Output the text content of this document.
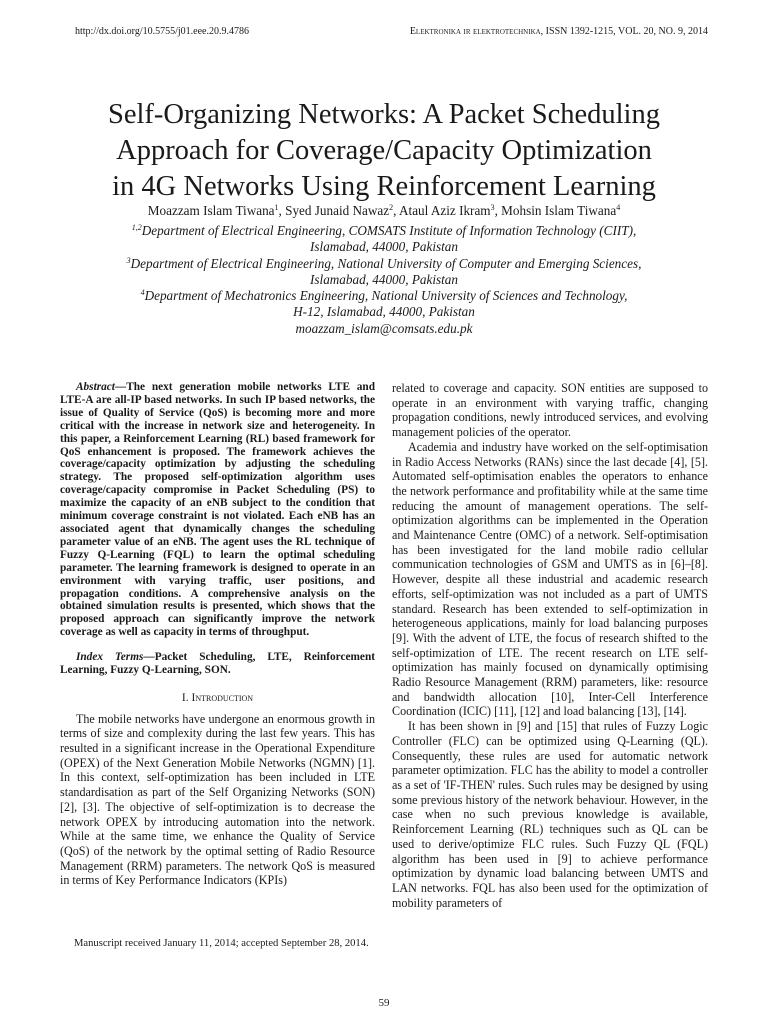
http://dx.doi.org/10.5755/j01.eee.20.9.4786	Elektronika ir elektrotechnika, ISSN 1392-1215, VOL. 20, NO. 9, 2014
Self-Organizing Networks: A Packet Scheduling
Approach for Coverage/Capacity Optimization
in 4G Networks Using Reinforcement Learning
Moazzam Islam Tiwana$^1$, Syed Junaid Nawaz$^2$, Ataul Aziz Ikram$^3$, Mohsin Islam Tiwana$^4$
$^{1,2}$Department of Electrical Engineering, COMSATS Institute of Information Technology (CIIT),
Islamabad, 44000, Pakistan
$^3$Department of Electrical Engineering, National University of Computer and Emerging Sciences,
Islamabad, 44000, Pakistan
$^4$Department of Mechatronics Engineering, National University of Sciences and Technology,
H-12, Islamabad, 44000, Pakistan
moazzam_islam@comsats.edu.pk

Abstract—The next generation mobile networks LTE and LTE-A are all-IP based networks. In such IP based networks, the issue of Quality of Service (QoS) is becoming more and more critical with the increase in network size and heterogeneity. In this paper, a Reinforcement Learning (RL) based framework for QoS enhancement is proposed. The framework achieves the coverage/capacity optimization by adjusting the scheduling strategy. The proposed self-optimization algorithm uses coverage/capacity compromise in Packet Scheduling (PS) to maximize the capacity of an eNB subject to the condition that minimum coverage constraint is not violated. Each eNB has an associated agent that dynamically changes the scheduling parameter value of an eNB. The agent uses the RL technique of Fuzzy Q-Learning (FQL) to learn the optimal scheduling parameter. The learning framework is designed to operate in an environment with varying traffic, user positions, and propagation conditions. A comprehensive analysis on the obtained simulation results is presented, which shows that the proposed approach can significantly improve the network coverage as well as capacity in terms of throughput.

Index Terms—Packet Scheduling, LTE, Reinforcement Learning, Fuzzy Q-Learning, SON.

I. Introduction

The mobile networks have undergone an enormous growth in terms of size and complexity during the last few years. This has resulted in a significant increase in the Operational Expenditure (OPEX) of the Next Generation Mobile Networks (NGMN) [1]. In this context, self-optimization has been included in LTE standardisation as part of the Self Organizing Networks (SON) [2], [3]. The objective of self-optimization is to decrease the network OPEX by introducing automation into the network. While at the same time, we enhance the Quality of Service (QoS) of the network by the optimal setting of Radio Resource Management (RRM) parameters. The network QoS is measured in terms of Key Performance Indicators (KPIs)

Manuscript received January 11, 2014; accepted September 28, 2014.

related to coverage and capacity. SON entities are supposed to operate in an environment with varying traffic, changing propagation conditions, newly introduced services, and evolving management policies of the operator.

Academia and industry have worked on the self-optimisation in Radio Access Networks (RANs) since the last decade [4], [5]. Automated self-optimisation enables the operators to enhance the network performance and profitability while at the same time reducing the amount of management operations. The self-optimization algorithms can be implemented in the Operation and Maintenance Centre (OMC) of a network. Self-optimisation has been investigated for the land mobile radio cellular communication technologies of GSM and UMTS as in [6]–[8]. However, despite all these industrial and academic research efforts, self-optimization was not included as a part of UMTS standard. Research has been extended to self-optimization in heterogeneous applications, mainly for load balancing purposes [9]. With the advent of LTE, the focus of research shifted to the self-optimization of LTE. The recent research on LTE self-optimization has mainly focused on dynamically optimising Radio Resource Management (RRM) parameters, like: resource and bandwidth allocation [10], Inter-Cell Interference Coordination (ICIC) [11], [12] and load balancing [13], [14].

It has been shown in [9] and [15] that rules of Fuzzy Logic Controller (FLC) can be optimized using Q-Learning (QL). Consequently, these rules are used for automatic network parameter optimization. FLC has the ability to model a controller as a set of 'IF-THEN' rules. Such rules may be designed by using some previous history of the network behaviour. However, in the case when no such previous knowledge is available, Reinforcement Learning (RL) techniques such as QL can be used to derive/optimize FLC rules. Such Fuzzy QL (FQL) algorithm has been used in [9] to achieve performance optimization by dynamic load balancing between UMTS and LAN networks. FQL has also been used for the optimization of mobility parameters of

59
